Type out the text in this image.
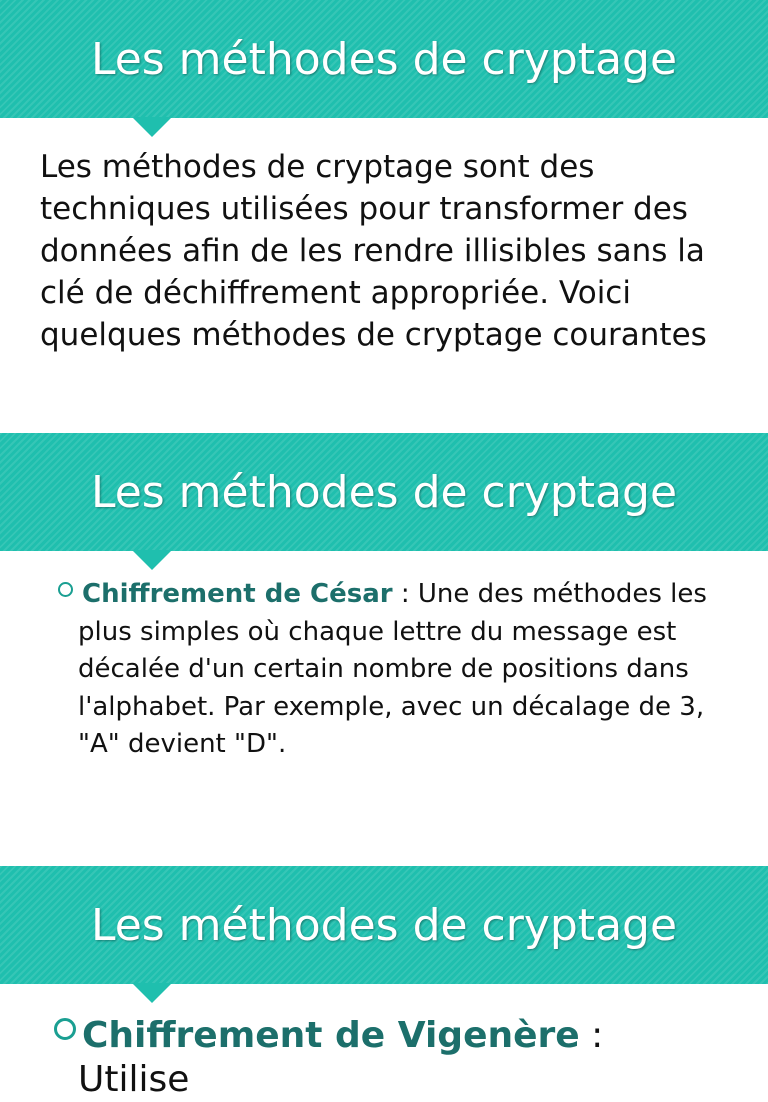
Les méthodes de cryptage
Les méthodes de cryptage sont des techniques utilisées pour transformer des données afin de les rendre illisibles sans la clé de déchiffrement appropriée. Voici quelques méthodes de cryptage courantes
Les méthodes de cryptage
Chiffrement de César : Une des méthodes les plus simples où chaque lettre du message est décalée d'un certain nombre de positions dans l'alphabet. Par exemple, avec un décalage de 3, "A" devient "D".
Les méthodes de cryptage
Chiffrement de Vigenère : Utilise
